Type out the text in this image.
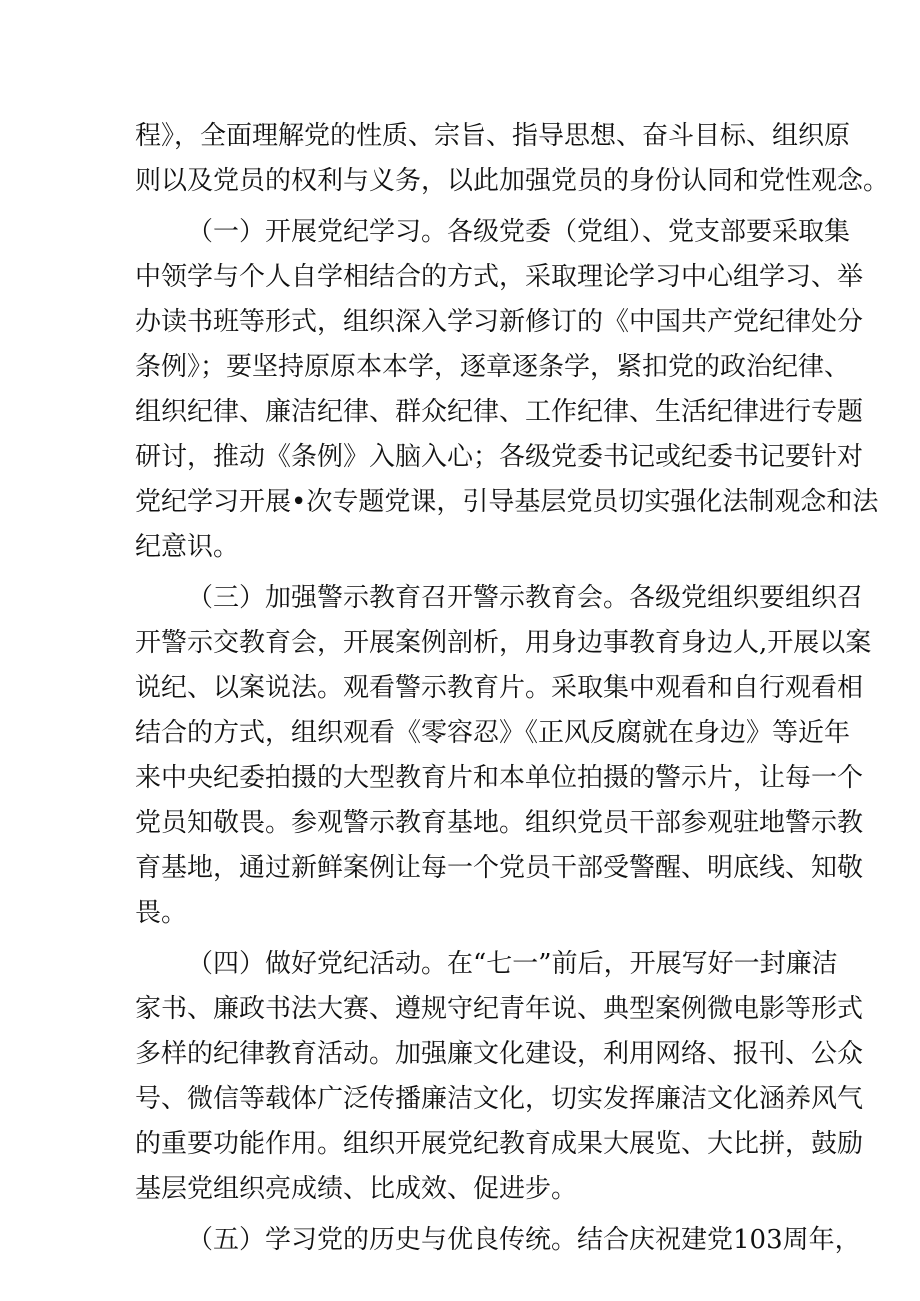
程》，全面理解党的性质、宗旨、指导思想、奋斗目标、组织原
则以及党员的权利与义务，以此加强党员的身份认同和党性观念。
（一）开展党纪学习。各级党委（党组）、党支部要采取集
中领学与个人自学相结合的方式，采取理论学习中心组学习、举
办读书班等形式，组织深入学习新修订的《中国共产党纪律处分
条例》；要坚持原原本本学，逐章逐条学，紧扣党的政治纪律、
组织纪律、廉洁纪律、群众纪律、工作纪律、生活纪律进行专题
研讨，推动《条例》入脑入心；各级党委书记或纪委书记要针对
党纪学习开展•次专题党课，引导基层党员切实强化法制观念和法
纪意识。
（三）加强警示教育召开警示教育会。各级党组织要组织召
开警示交教育会，开展案例剖析，用身边事教育身边人,开展以案
说纪、以案说法。观看警示教育片。采取集中观看和自行观看相
结合的方式，组织观看《零容忍》《正风反腐就在身边》等近年
来中央纪委拍摄的大型教育片和本单位拍摄的警示片，让每一个
党员知敬畏。参观警示教育基地。组织党员干部参观驻地警示教
育基地，通过新鲜案例让每一个党员干部受警醒、明底线、知敬
畏。
（四）做好党纪活动。在“七一”前后，开展写好一封廉洁
家书、廉政书法大赛、遵规守纪青年说、典型案例微电影等形式
多样的纪律教育活动。加强廉文化建设，利用网络、报刊、公众
号、微信等载体广泛传播廉洁文化，切实发挥廉洁文化涵养风气
的重要功能作用。组织开展党纪教育成果大展览、大比拼，鼓励
基层党组织亮成绩、比成效、促进步。
（五）学习党的历史与优良传统。结合庆祝建党103周年，
